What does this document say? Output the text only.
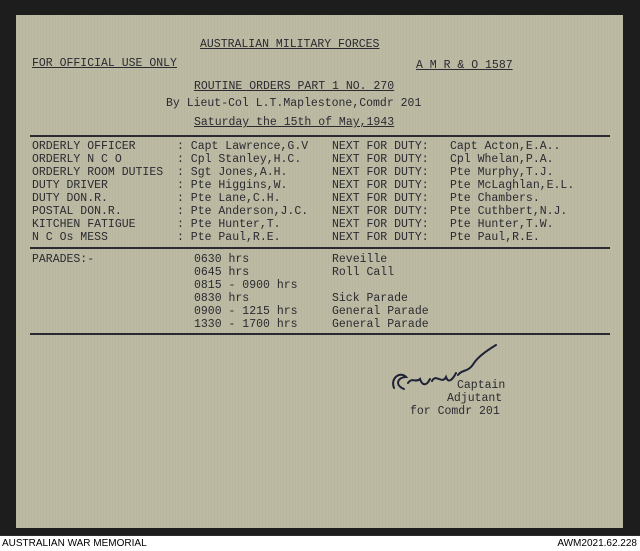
AUSTRALIAN MILITARY FORCES
FOR OFFICIAL USE ONLY	A M R & O 1587
ROUTINE ORDERS PART 1 NO. 270
By Lieut-Col L.T.Maplestone,Comdr 201
Saturday the 15th of May,1943
ORDERLY OFFICER	: Capt Lawrence,G.V NEXT FOR DUTY: Capt Acton,E.A..
ORDERLY N C O	: Cpl Stanley,H.C.	NEXT FOR DUTY: Cpl Whelan,P.A.
ORDERLY ROOM DUTIES : Sgt Jones,A.H.	NEXT FOR DUTY: Pte Murphy,T.J.
DUTY DRIVER	: Pte Higgins,W.	NEXT FOR DUTY: Pte McLaghlan,E.L.
DUTY DON.R.	: Pte Lane,C.H.	NEXT FOR DUTY: Pte Chambers.
POSTAL DON.R.	: Pte Anderson,J.C. NEXT FOR DUTY: Pte Cuthbert,N.J.
KITCHEN FATIGUE	: Pte Hunter,T.	NEXT FOR DUTY: Pte Hunter,T.W.
N C Os MESS	: Pte Paul,R.E.	NEXT FOR DUTY: Pte Paul,R.E.
PARADES:-	0630 hrs	Reveille
0645 hrs	Roll Call
0815 - 0900 hrs
0830 hrs	Sick Parade
0900 - 1215 hrs	General Parade
1330 - 1700 hrs	General Parade
Captain
Adjutant
for Comdr 201
AUSTRALIAN WAR MEMORIAL	AWM2021.62.228
